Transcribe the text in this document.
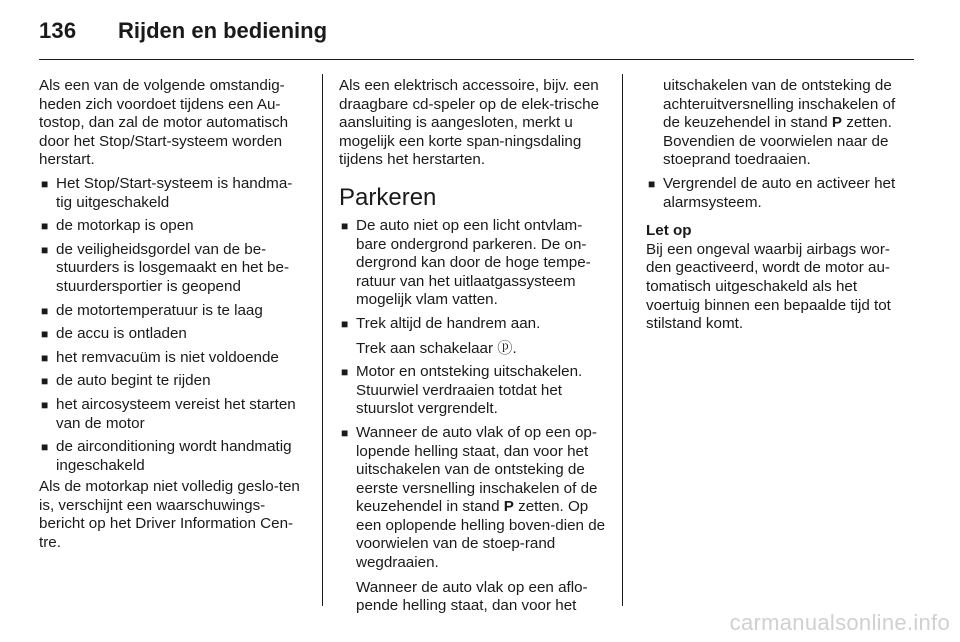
136 Rijden en bediening

Als een van de volgende omstandig-heden zich voordoet tijdens een Au-tostop, dan zal de motor automatisch door het Stop/Start-systeem worden herstart.

■ Het Stop/Start-systeem is handma-tig uitgeschakeld
■ de motorkap is open
■ de veiligheidsgordel van de be-stuurders is losgemaakt en het be-stuurdersportier is geopend
■ de motortemperatuur is te laag
■ de accu is ontladen
■ het remvacuüm is niet voldoende
■ de auto begint te rijden
■ het aircosysteem vereist het starten van de motor
■ de airconditioning wordt handmatig ingeschakeld

Als de motorkap niet volledig geslo-ten is, verschijnt een waarschuwings-bericht op het Driver Information Cen-tre.

Als een elektrisch accessoire, bijv. een draagbare cd-speler op de elek-trische aansluiting is aangesloten, merkt u mogelijk een korte span-ningsdaling tijdens het herstarten.

Parkeren
■ De auto niet op een licht ontvlam-bare ondergrond parkeren. De on-dergrond kan door de hoge tempe-ratuur van het uitlaatgassysteem mogelijk vlam vatten.
■ Trek altijd de handrem aan.

Trek aan schakelaar ⓟ.

■ Motor en ontsteking uitschakelen. Stuurwiel verdraaien totdat het stuurslot vergrendelt.
■ Wanneer de auto vlak of op een op-lopende helling staat, dan voor het uitschakelen van de ontsteking de eerste versnelling inschakelen of de keuzehendel in stand P zetten. Op een oplopende helling boven-dien de voorwielen van de stoep-rand wegdraaien.

Wanneer de auto vlak op een aflo-pende helling staat, dan voor het

uitschakelen van de ontsteking de achteruitversnelling inschakelen of de keuzehendel in stand P zetten. Bovendien de voorwielen naar de stoeprand toedraaien.

■ Vergrendel de auto en activeer het alarmsysteem.

Let op

Bij een ongeval waarbij airbags wor-den geactiveerd, wordt de motor au-tomatisch uitgeschakeld als het voertuig binnen een bepaalde tijd tot stilstand komt.

carmanualsonline.info
